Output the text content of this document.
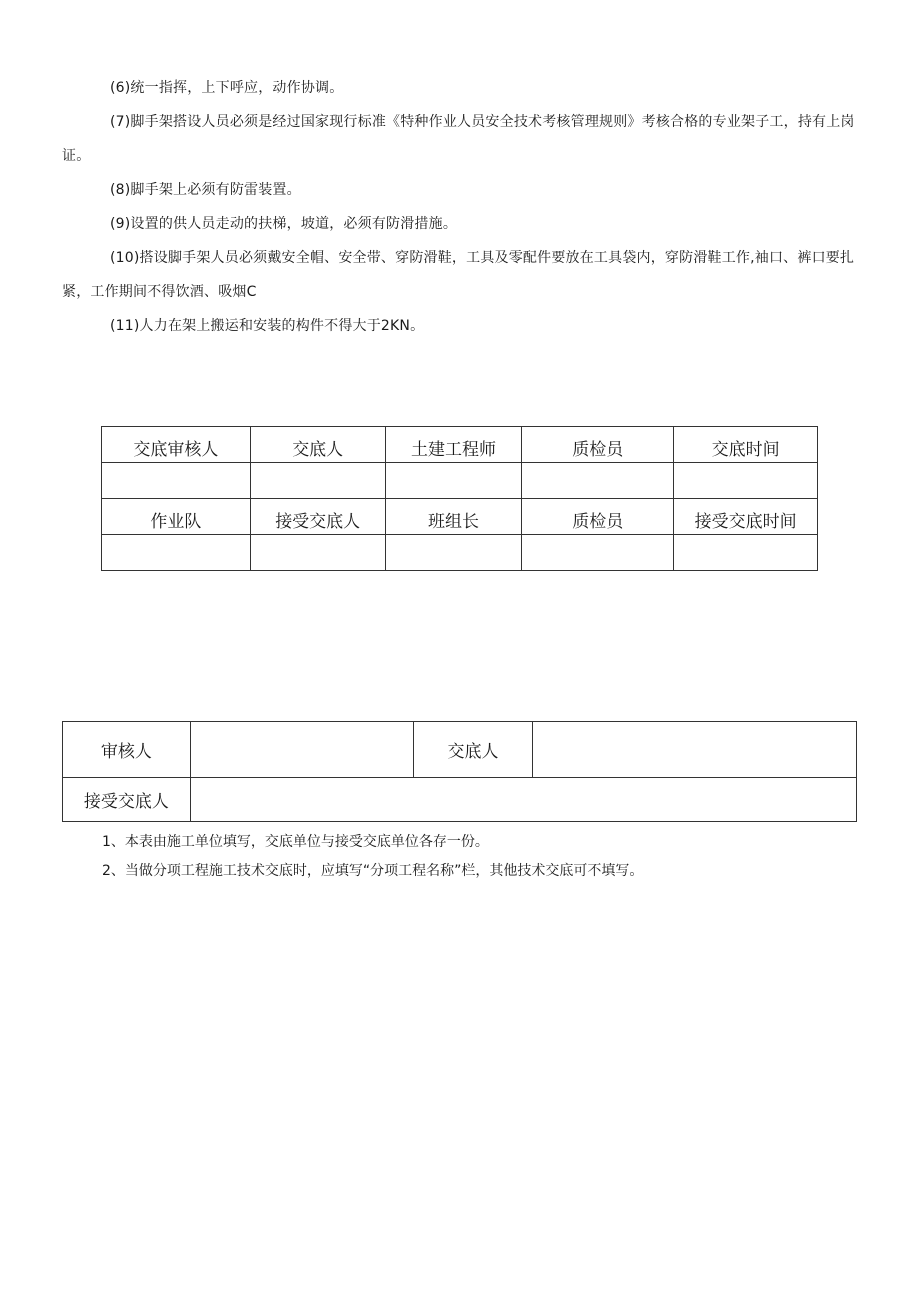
(6)统一指挥，上下呼应，动作协调。

(7)脚手架搭设人员必须是经过国家现行标准《特种作业人员安全技术考核管理规则》考核合格的专业架子工，持有上岗证。

(8)脚手架上必须有防雷装置。

(9)设置的供人员走动的扶梯，坡道，必须有防滑措施。

(10)搭设脚手架人员必须戴安全帽、安全带、穿防滑鞋，工具及零配件要放在工具袋内，穿防滑鞋工作,袖口、裤口要扎紧，工作期间不得饮酒、吸烟C

(11)人力在架上搬运和安装的构件不得大于2KN。

交底审核人	交底人	土建工程师	质检员	交底时间

作业队	接受交底人	班组长	质检员	接受交底时间

审核人		交底人	
接受交底人			

1、本表由施工单位填写，交底单位与接受交底单位各存一份。

2、当做分项工程施工技术交底时，应填写“分项工程名称”栏，其他技术交底可不填写。
